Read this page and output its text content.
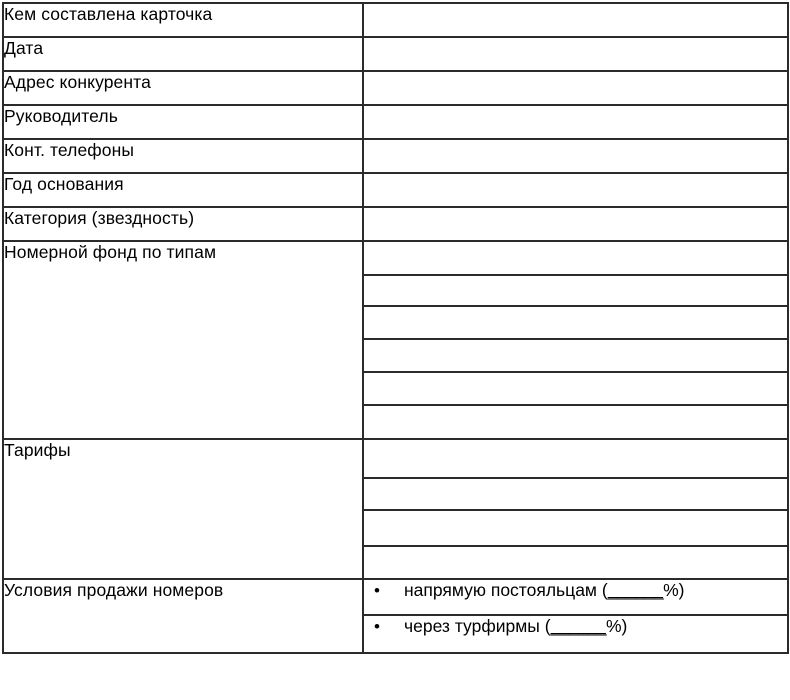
Кем составлена карточка	
Дата	
Адрес конкурента	
Руководитель	
Конт. телефоны	
Год основания	
Категория (звездность)	
Номерной фонд по типам	

Тарифы	

Условия продажи номеров	• напрямую постояльцам (______%)

	• через турфирмы (______%)
